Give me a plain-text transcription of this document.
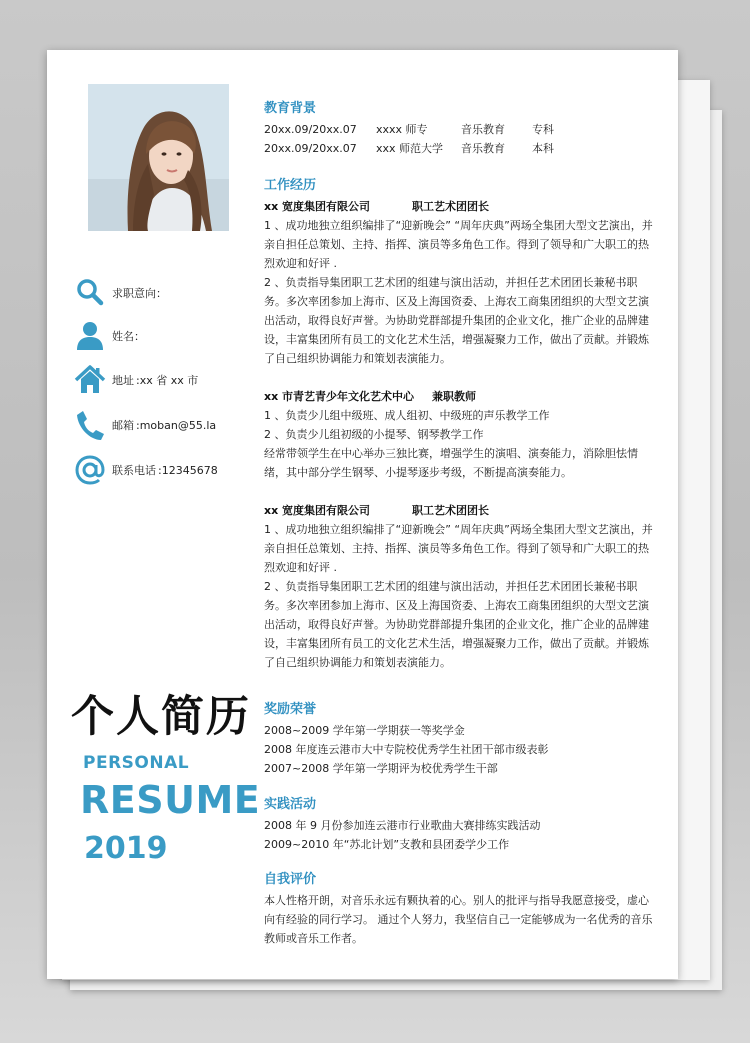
求职意向：
姓名：
地址 :xx 省 xx 市
邮箱 :moban@55.la
联系电话 :12345678
个人简历
PERSONAL
RESUME
2019
教育背景
20xx.09/20xx.07 xxxx 师专	音乐教育 专科
20xx.09/20xx.07 xxx 师范大学 音乐教育 本科
工作经历
xx 宽度集团有限公司	职工艺术团团长
1 、成功地独立组织编排了“迎新晚会” “周年庆典”两场全集团大型文艺演出，并亲自担任总策划、主持、指挥、演员等多角色工作。得到了领导和广大职工的热烈欢迎和好评 .
2 、负责指导集团职工艺术团的组建与演出活动，并担任艺术团团长兼秘书职务。多次率团参加上海市、区及上海国资委、上海农工商集团组织的大型文艺演出活动，取得良好声誉。为协助党群部提升集团的企业文化，推广企业的品牌建设，丰富集团所有员工的文化艺术生活，增强凝聚力工作，做出了贡献。并锻炼了自己组织协调能力和策划表演能力。
xx 市青艺青少年文化艺术中心 兼职教师
1 、负责少儿组中级班、成人组初、中级班的声乐教学工作
2 、负责少儿组初级的小提琴、钢琴教学工作
经常带领学生在中心举办三独比赛，增强学生的演唱、演奏能力，消除胆怯情绪，其中部分学生钢琴、小提琴逐步考级，不断提高演奏能力。
xx 宽度集团有限公司	职工艺术团团长
1 、成功地独立组织编排了“迎新晚会” “周年庆典”两场全集团大型文艺演出，并亲自担任总策划、主持、指挥、演员等多角色工作。得到了领导和广大职工的热烈欢迎和好评 .
2 、负责指导集团职工艺术团的组建与演出活动，并担任艺术团团长兼秘书职务。多次率团参加上海市、区及上海国资委、上海农工商集团组织的大型文艺演出活动，取得良好声誉。为协助党群部提升集团的企业文化，推广企业的品牌建设，丰富集团所有员工的文化艺术生活，增强凝聚力工作，做出了贡献。并锻炼了自己组织协调能力和策划表演能力。
奖励荣誉
2008~2009 学年第一学期获一等奖学金
2008 年度连云港市大中专院校优秀学生社团干部市级表彰
2007~2008 学年第一学期评为校优秀学生干部
实践活动
2008 年 9 月份参加连云港市行业歌曲大赛排练实践活动
2009~2010 年“苏北计划”支教和县团委学少工作
自我评价
本人性格开朗，对音乐永远有颗执着的心。别人的批评与指导我愿意接受，虚心向有经验的同行学习。 通过个人努力，我坚信自己一定能够成为一名优秀的音乐教师或音乐工作者。
